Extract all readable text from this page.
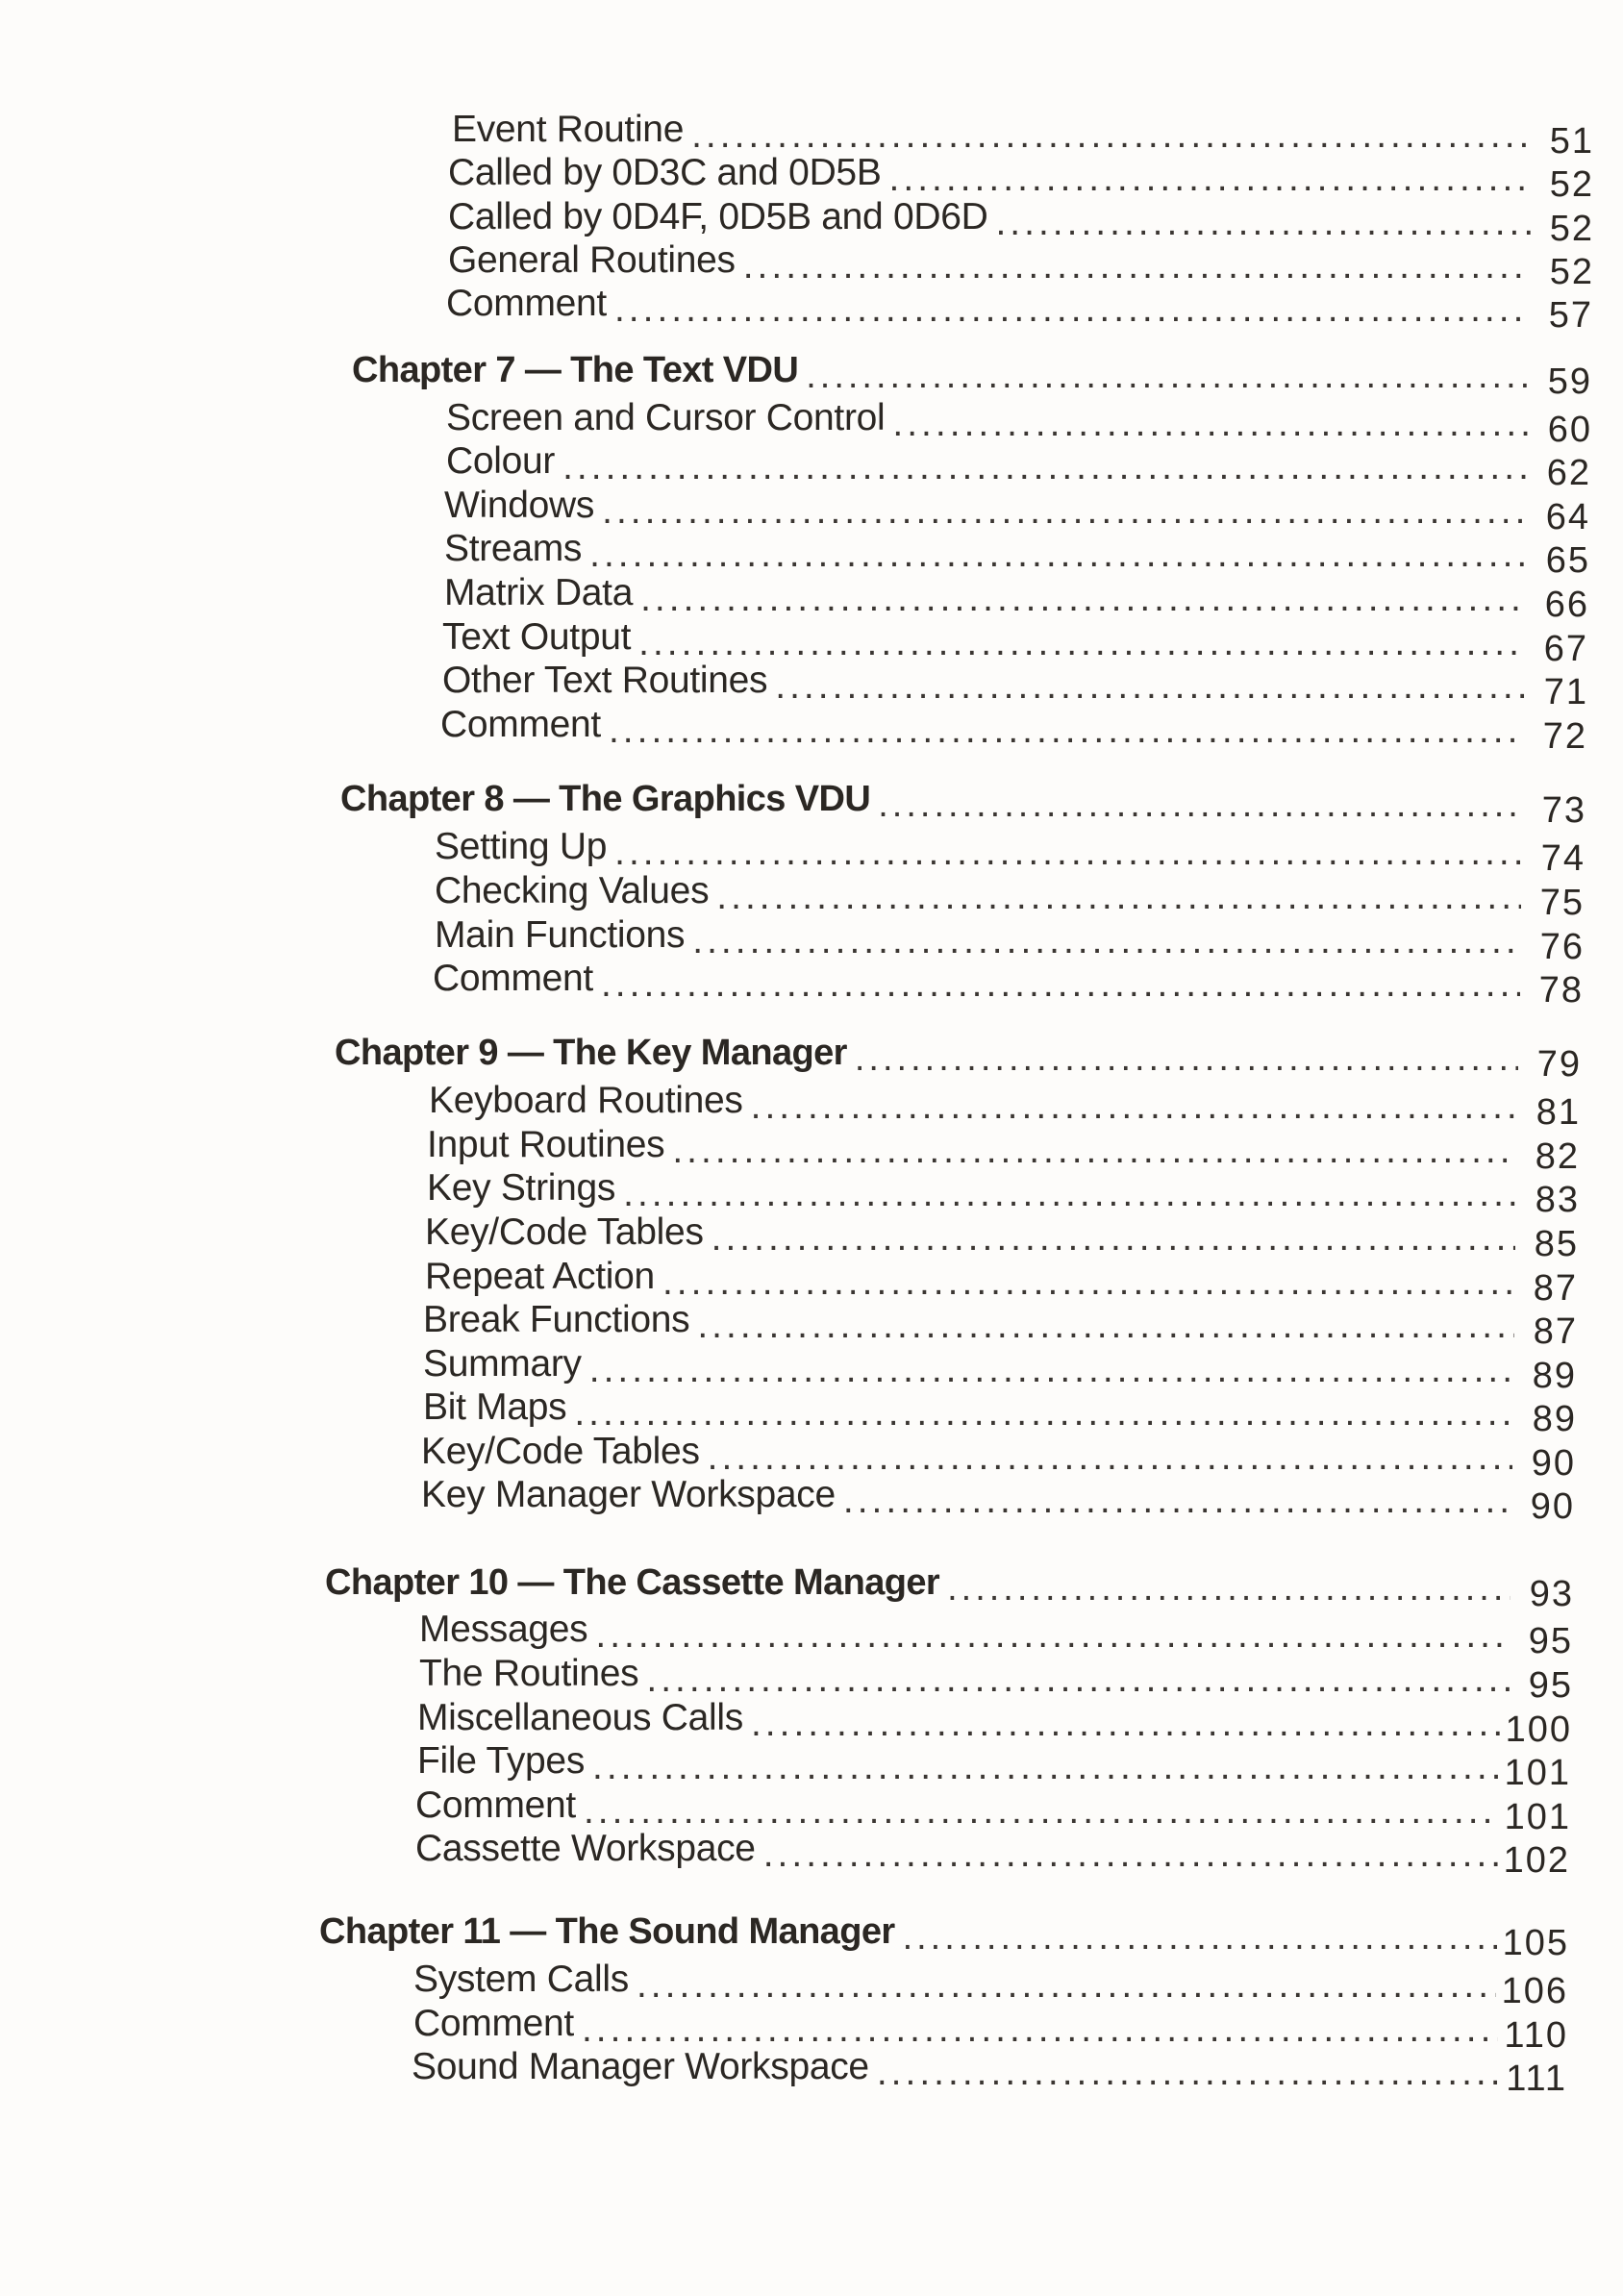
Event Routine .....	51
Called by 0D3C and 0D5B .....	52
Called by 0D4F, 0D5B and 0D6D .....	52
General Routines .....	52
Comment .....	57
Chapter 7 — The Text VDU .....	59
Screen and Cursor Control .....	60
Colour .....	62
Windows .....	64
Streams .....	65
Matrix Data .....	66
Text Output .....	67
Other Text Routines .....	71
Comment .....	72
Chapter 8 — The Graphics VDU .....	73
Setting Up .....	74
Checking Values .....	75
Main Functions .....	76
Comment .....	78
Chapter 9 — The Key Manager .....	79
Keyboard Routines .....	81
Input Routines .....	82
Key Strings .....	83
Key/Code Tables .....	85
Repeat Action .....	87
Break Functions .....	87
Summary .....	89
Bit Maps .....	89
Key/Code Tables .....	90
Key Manager Workspace .....	90
Chapter 10 — The Cassette Manager .....	93
Messages .....	95
The Routines .....	95
Miscellaneous Calls .....	100
File Types .....	101
Comment .....	101
Cassette Workspace .....	102
Chapter 11 — The Sound Manager .....	105
System Calls .....	106
Comment .....	110
Sound Manager Workspace .....	111
